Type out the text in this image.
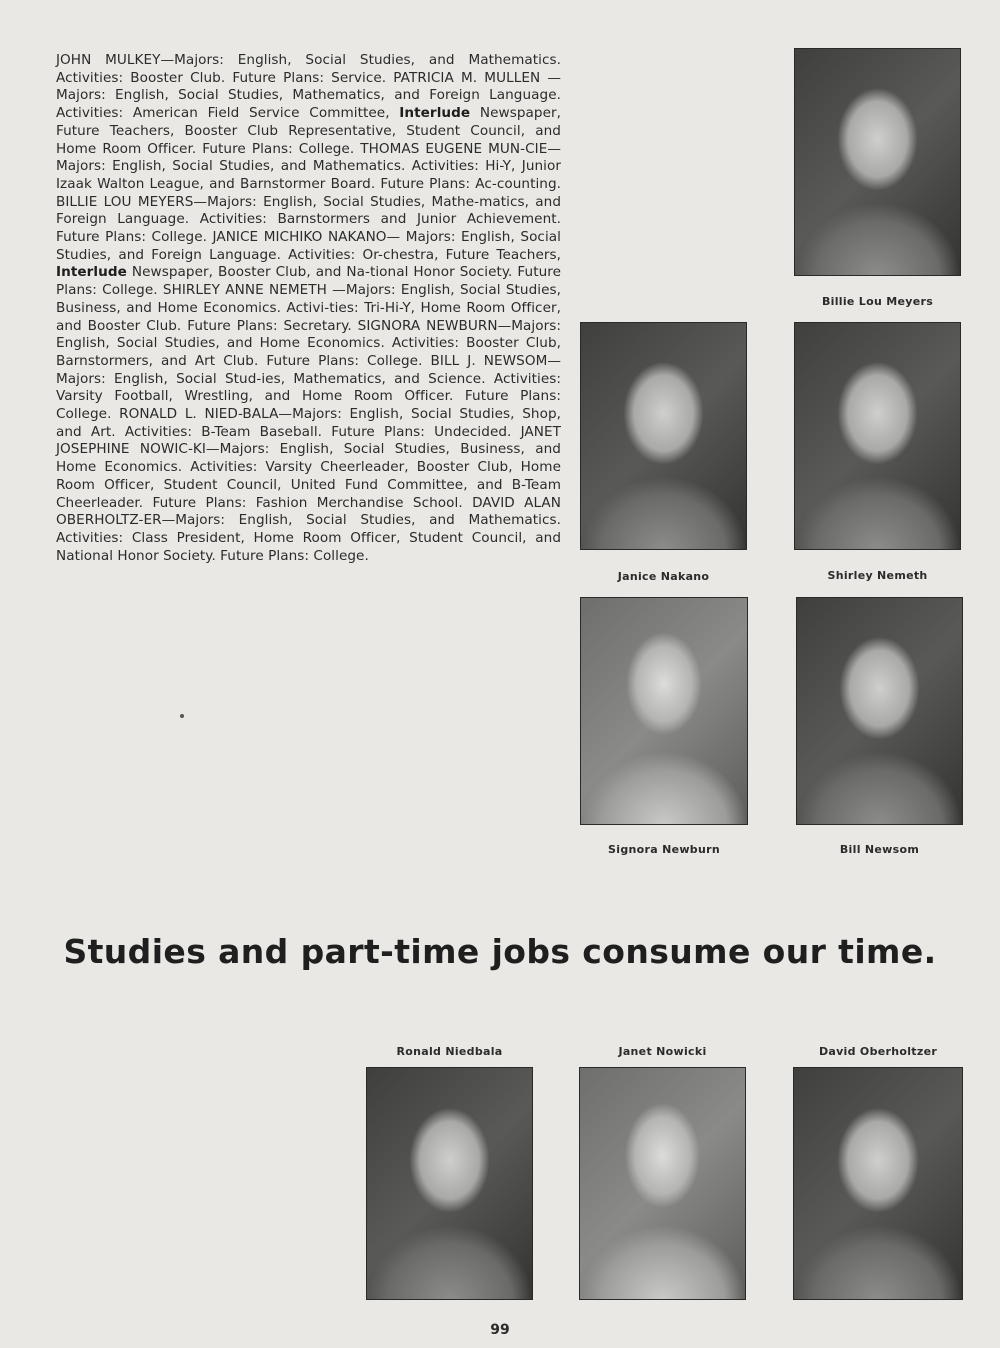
JOHN MULKEY—Majors: English, Social Studies, and Mathematics. Activities: Booster Club. Future Plans: Service. PATRICIA M. MULLEN —Majors: English, Social Studies, Mathematics, and Foreign Language. Activities: American Field Service Committee, Interlude Newspaper, Future Teachers, Booster Club Representative, Student Council, and Home Room Officer. Future Plans: College. THOMAS EUGENE MUN-CIE—Majors: English, Social Studies, and Mathematics. Activities: Hi-Y, Junior Izaak Walton League, and Barnstormer Board. Future Plans: Ac-counting. BILLIE LOU MEYERS—Majors: English, Social Studies, Mathe-matics, and Foreign Language. Activities: Barnstormers and Junior Achievement. Future Plans: College. JANICE MICHIKO NAKANO— Majors: English, Social Studies, and Foreign Language. Activities: Or-chestra, Future Teachers, Interlude Newspaper, Booster Club, and Na-tional Honor Society. Future Plans: College. SHIRLEY ANNE NEMETH —Majors: English, Social Studies, Business, and Home Economics. Activi-ties: Tri-Hi-Y, Home Room Officer, and Booster Club. Future Plans: Secretary. SIGNORA NEWBURN—Majors: English, Social Studies, and Home Economics. Activities: Booster Club, Barnstormers, and Art Club. Future Plans: College. BILL J. NEWSOM—Majors: English, Social Stud-ies, Mathematics, and Science. Activities: Varsity Football, Wrestling, and Home Room Officer. Future Plans: College. RONALD L. NIED-BALA—Majors: English, Social Studies, Shop, and Art. Activities: B-Team Baseball. Future Plans: Undecided. JANET JOSEPHINE NOWIC-KI—Majors: English, Social Studies, Business, and Home Economics. Activities: Varsity Cheerleader, Booster Club, Home Room Officer, Student Council, United Fund Committee, and B-Team Cheerleader. Future Plans: Fashion Merchandise School. DAVID ALAN OBERHOLTZ-ER—Majors: English, Social Studies, and Mathematics. Activities: Class President, Home Room Officer, Student Council, and National Honor Society. Future Plans: College.
Billie Lou Meyers
Janice Nakano	Shirley Nemeth
Signora Newburn	Bill Newsom
Studies and part-time jobs consume our time.
Ronald Niedbala	Janet Nowicki	David Oberholtzer
99
